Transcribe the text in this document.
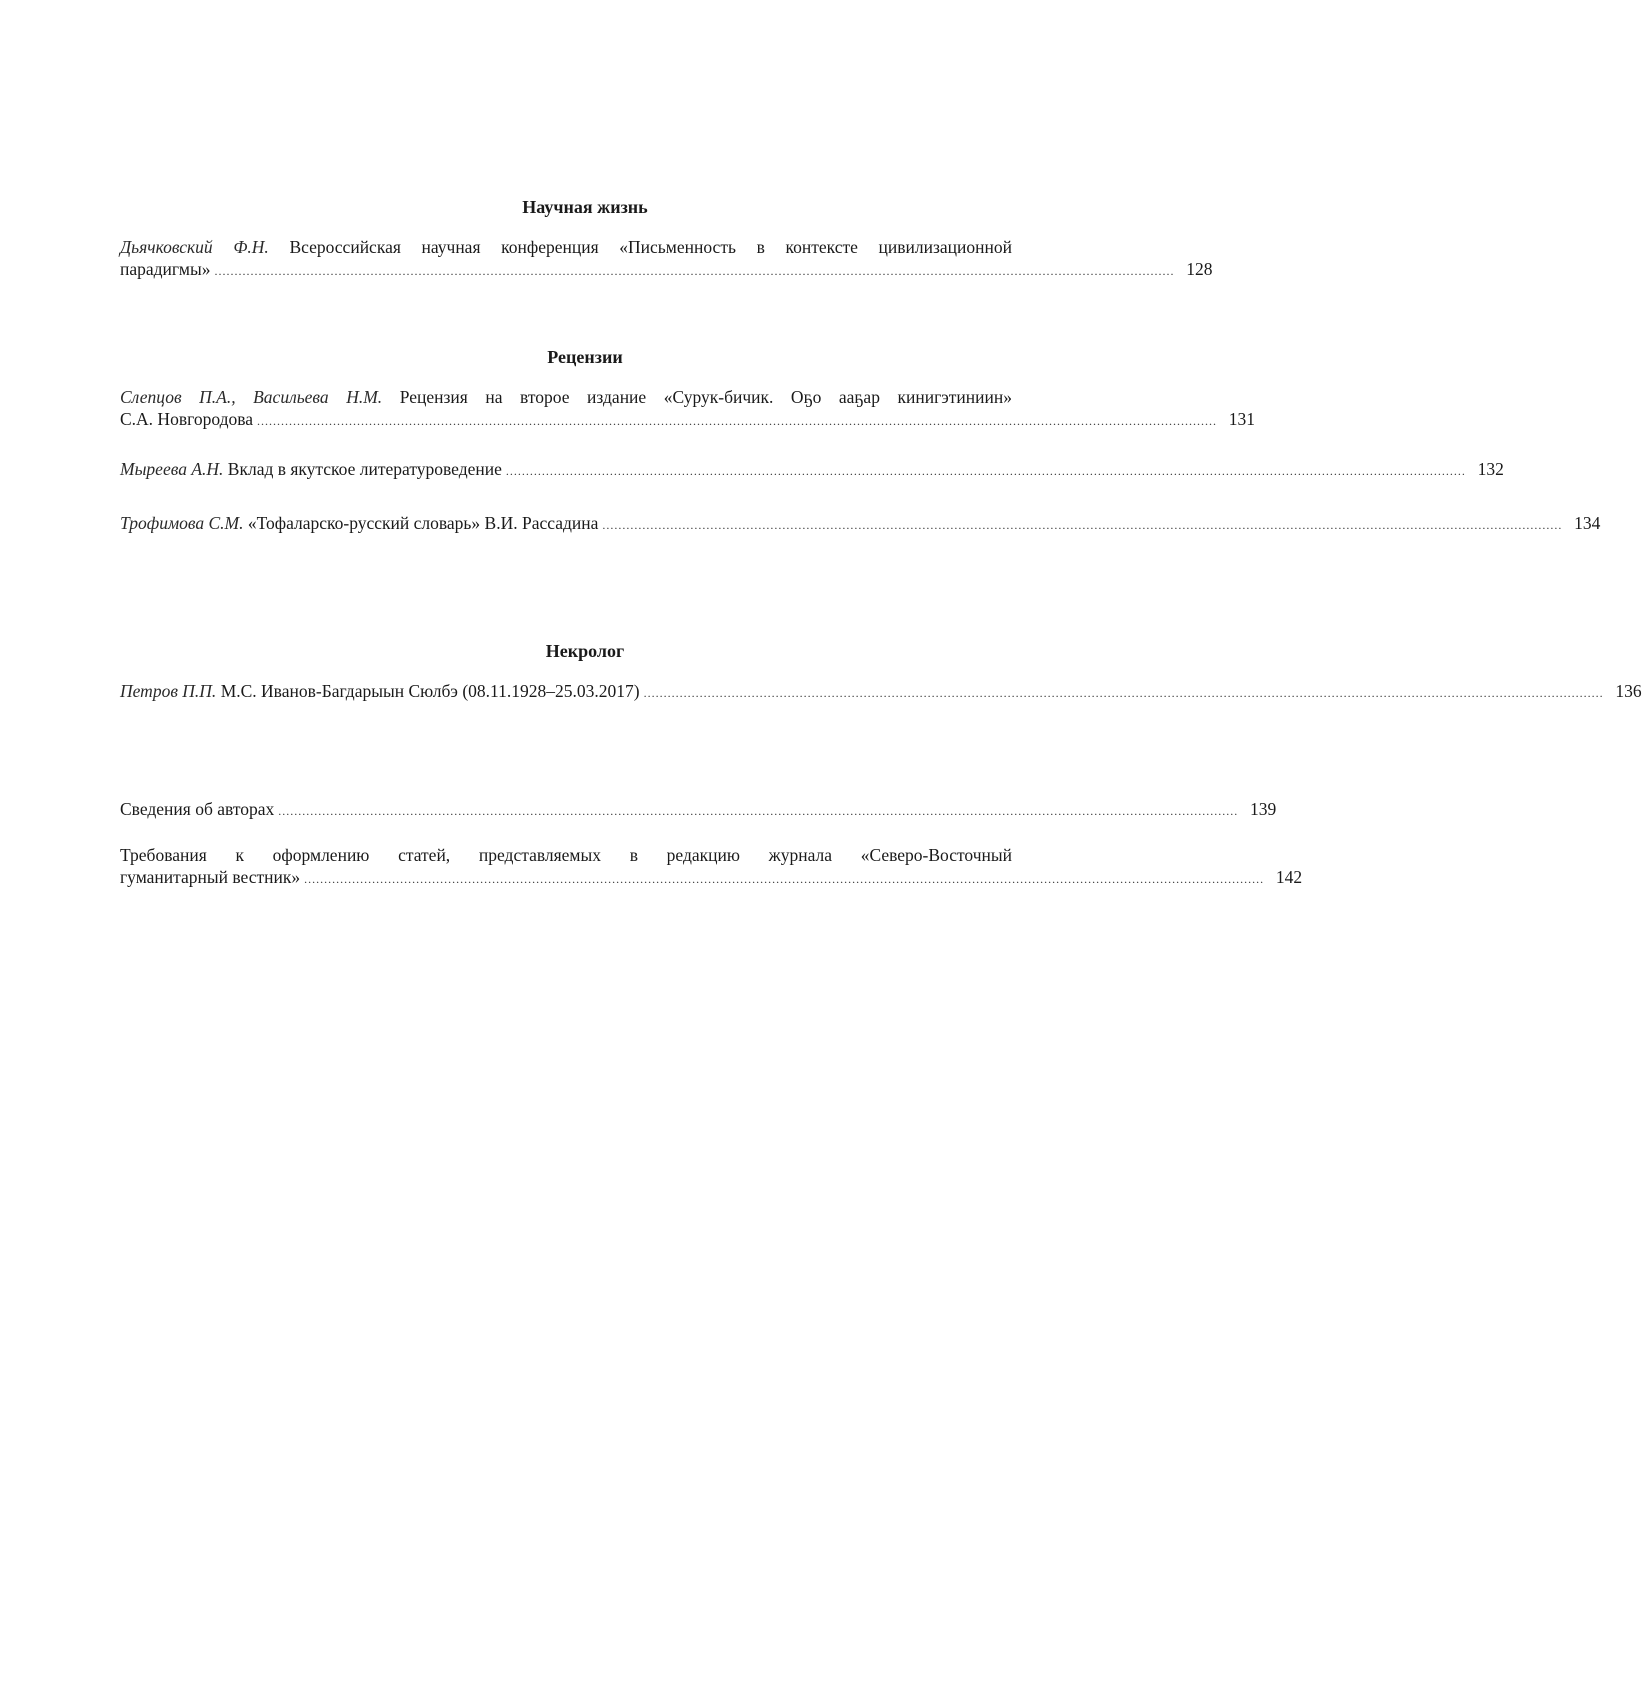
Научная жизнь
Дьячковский Ф.Н. Всероссийская научная конференция «Письменность в контексте цивилизационной
парадигмы» ................................................................................................................................................................................................................................................ 128
Рецензии
Слепцов П.А., Васильева Н.М. Рецензия на второе издание «Сурук-бичик. Оҕо ааҕар кинигэтиниин»
С.А. Новгородова ................................................................................................................................................................................................................................................ 131
Мыреева А.Н. Вклад в якутское литературоведение ................................................................................................................................................................................................................................................ 132
Трофимова С.М. «Тофаларско-русский словарь» В.И. Рассадина ................................................................................................................................................................................................................................................ 134
Некролог
Петров П.П. М.С. Иванов-Багдарыын Сюлбэ (08.11.1928–25.03.2017) ................................................................................................................................................................................................................................................ 136
Сведения об авторах ................................................................................................................................................................................................................................................ 139
Требования к оформлению статей, представляемых в редакцию журнала «Северо-Восточный
гуманитарный вестник» ................................................................................................................................................................................................................................................ 142
